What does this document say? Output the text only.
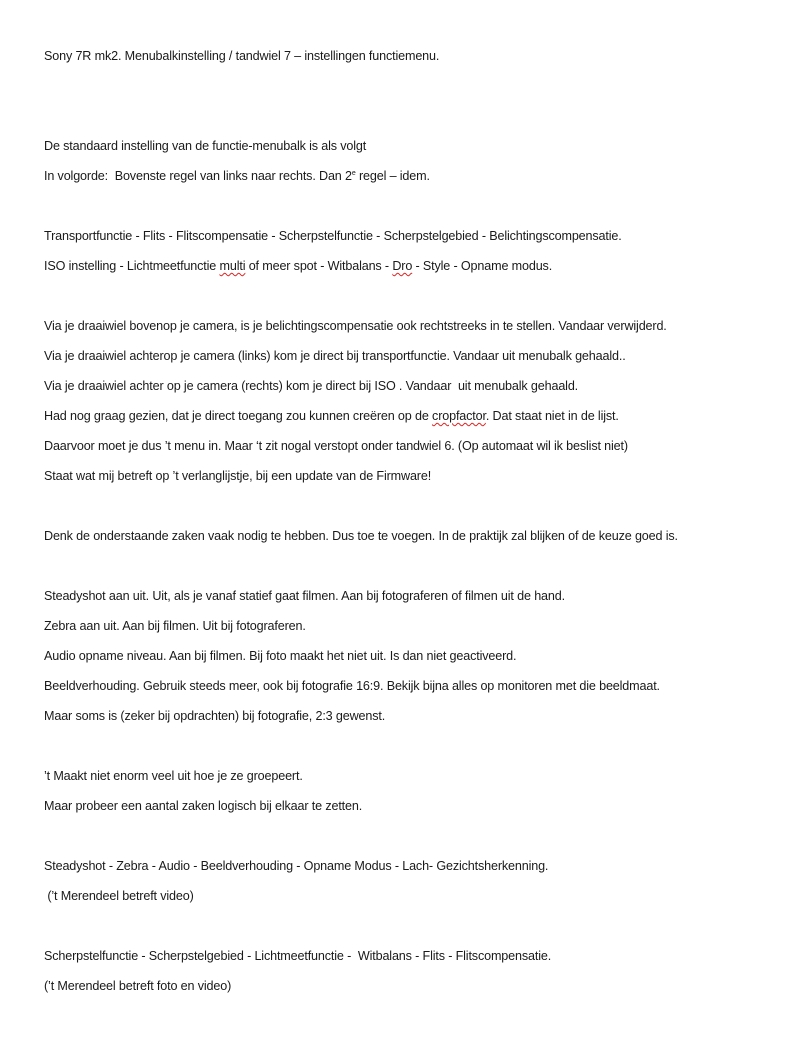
Sony 7R mk2. Menubalkinstelling / tandwiel 7 – instellingen functiemenu.
De standaard instelling van de functie-menubalk is als volgt
In volgorde:  Bovenste regel van links naar rechts. Dan 2e regel – idem.
Transportfunctie - Flits - Flitscompensatie - Scherpstelfunctie - Scherpstelgebied - Belichtingscompensatie.
ISO instelling - Lichtmeetfunctie multi of meer spot - Witbalans - Dro - Style - Opname modus.
Via je draaiwiel bovenop je camera, is je belichtingscompensatie ook rechtstreeks in te stellen. Vandaar verwijderd.
Via je draaiwiel achterop je camera (links) kom je direct bij transportfunctie. Vandaar uit menubalk gehaald..
Via je draaiwiel achter op je camera (rechts) kom je direct bij ISO . Vandaar  uit menubalk gehaald.
Had nog graag gezien, dat je direct toegang zou kunnen creëren op de cropfactor. Dat staat niet in de lijst.
Daarvoor moet je dus ’t menu in. Maar ‘t zit nogal verstopt onder tandwiel 6. (Op automaat wil ik beslist niet)
Staat wat mij betreft op ’t verlanglijstje, bij een update van de Firmware!
Denk de onderstaande zaken vaak nodig te hebben. Dus toe te voegen. In de praktijk zal blijken of de keuze goed is.
Steadyshot aan uit. Uit, als je vanaf statief gaat filmen. Aan bij fotograferen of filmen uit de hand.
Zebra aan uit. Aan bij filmen. Uit bij fotograferen.
Audio opname niveau. Aan bij filmen. Bij foto maakt het niet uit. Is dan niet geactiveerd.
Beeldverhouding. Gebruik steeds meer, ook bij fotografie 16:9. Bekijk bijna alles op monitoren met die beeldmaat.
Maar soms is (zeker bij opdrachten) bij fotografie, 2:3 gewenst.
’t Maakt niet enorm veel uit hoe je ze groepeert.
Maar probeer een aantal zaken logisch bij elkaar te zetten.
Steadyshot - Zebra - Audio - Beeldverhouding - Opname Modus - Lach- Gezichtsherkenning.
(’t Merendeel betreft video)
Scherpstelfunctie - Scherpstelgebied - Lichtmeetfunctie -  Witbalans - Flits - Flitscompensatie.
(’t Merendeel betreft foto en video)
